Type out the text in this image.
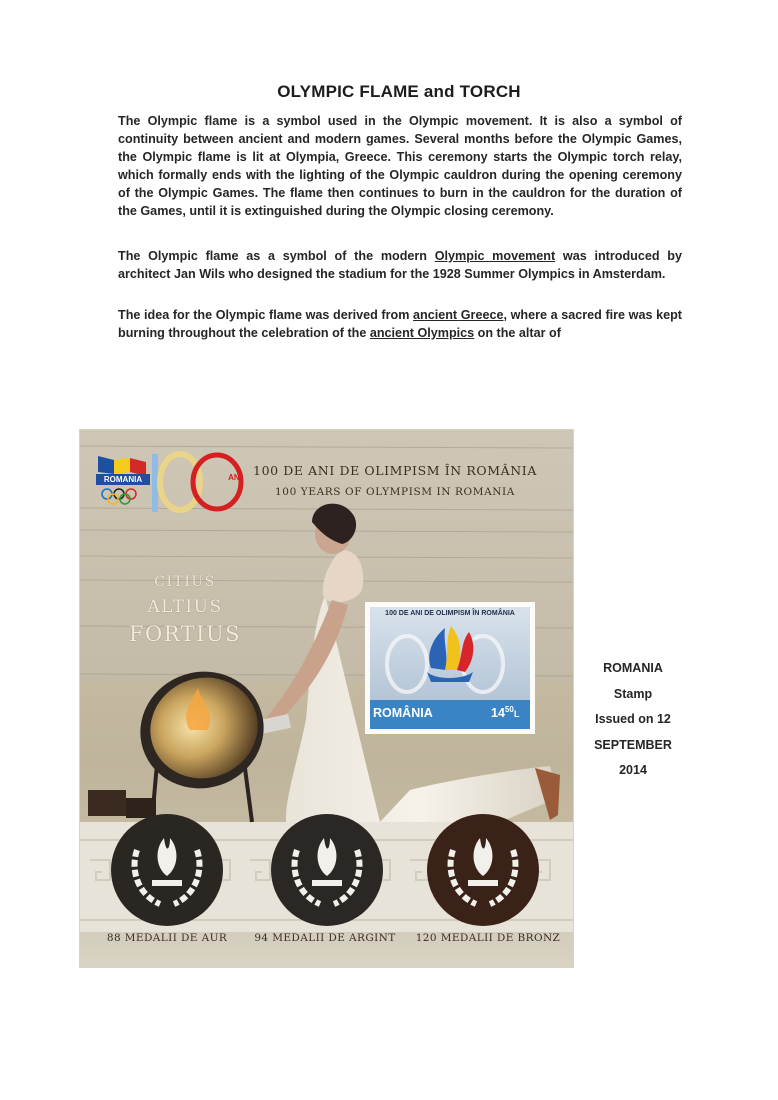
OLYMPIC FLAME and TORCH

The Olympic flame is a symbol used in the Olympic movement. It is also a symbol of continuity between ancient and modern games. Several months before the Olympic Games, the Olympic flame is lit at Olympia, Greece. This ceremony starts the Olympic torch relay, which formally ends with the lighting of the Olympic cauldron during the opening ceremony of the Olympic Games. The flame then continues to burn in the cauldron for the duration of the Games, until it is extinguished during the Olympic closing ceremony.

The Olympic flame as a symbol of the modern Olympic movement was introduced by architect Jan Wils who designed the stadium for the 1928 Summer Olympics in Amsterdam.

The idea for the Olympic flame was derived from ancient Greece, where a sacred fire was kept burning throughout the celebration of the ancient Olympics on the altar of

ROMANIA	ANI 100 DE ANI DE OLIMPISM ÎN ROMÂNIA
100 YEARS OF OLYMPISM IN ROMANIA
CITIUS
ALTIUS
FORTIUS
100 DE ANI DE OLIMPISM ÎN ROMÂNIA
ROMÂNIA	$14^{50}L$
88 MEDALII DE AUR	94 MEDALII DE ARGINT	120 MEDALII DE BRONZ
ROMANIA
Stamp
Issued on 12
SEPTEMBER
2014
